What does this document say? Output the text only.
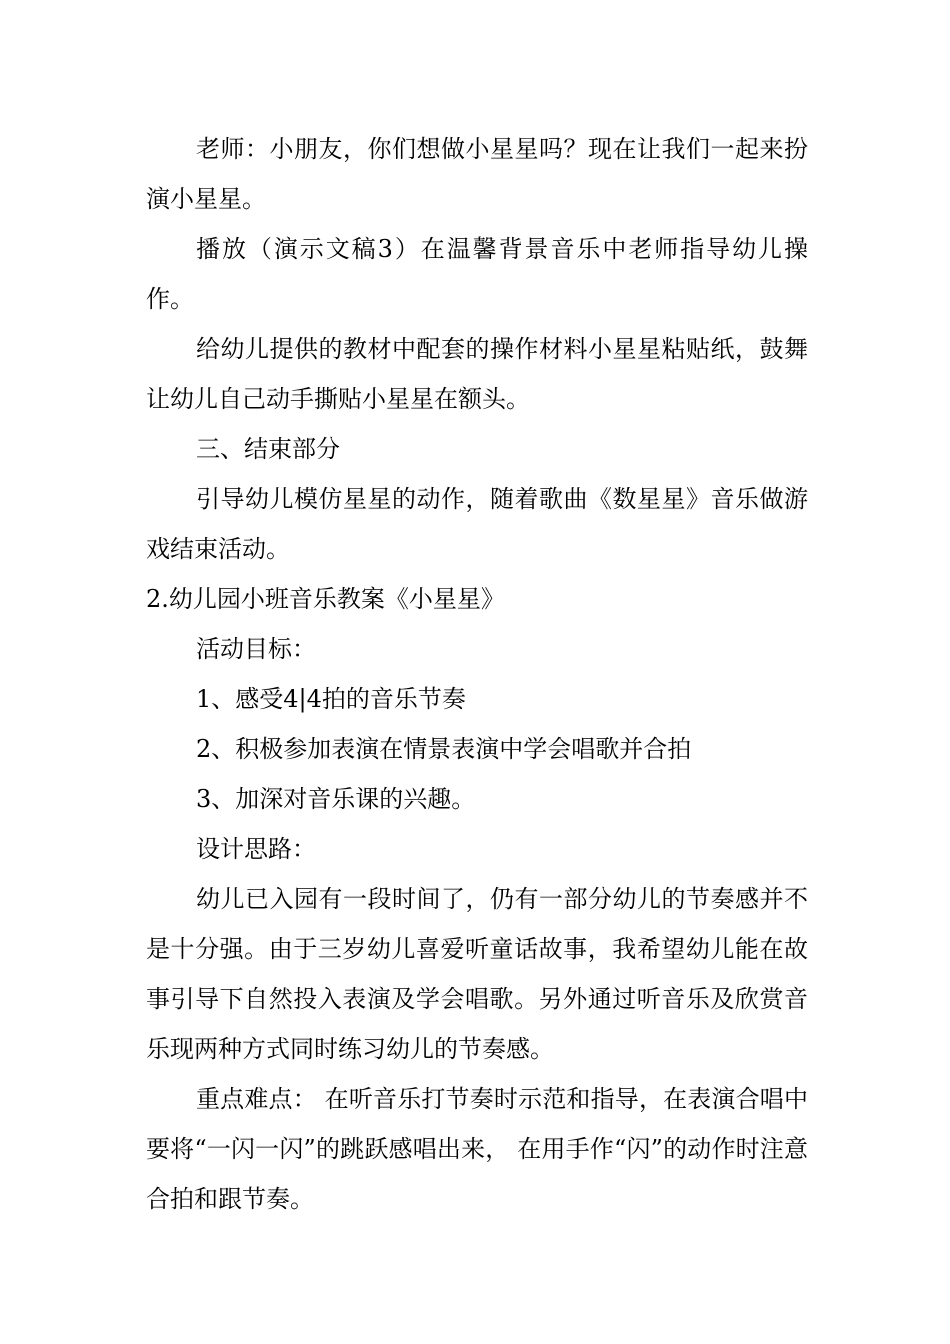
老师：小朋友，你们想做小星星吗？现在让我们一起来扮演小星星。

播放（演示文稿3）在温馨背景音乐中老师指导幼儿操作。

给幼儿提供的教材中配套的操作材料小星星粘贴纸，鼓舞让幼儿自己动手撕贴小星星在额头。

三、结束部分

引导幼儿模仿星星的动作，随着歌曲《数星星》音乐做游戏结束活动。

2.幼儿园小班音乐教案《小星星》

活动目标：

1、感受4|4拍的音乐节奏

2、积极参加表演在情景表演中学会唱歌并合拍

3、加深对音乐课的兴趣。

设计思路：

幼儿已入园有一段时间了，仍有一部分幼儿的节奏感并不是十分强。由于三岁幼儿喜爱听童话故事，我希望幼儿能在故事引导下自然投入表演及学会唱歌。另外通过听音乐及欣赏音乐现两种方式同时练习幼儿的节奏感。

重点难点： 在听音乐打节奏时示范和指导，在表演合唱中要将“一闪一闪”的跳跃感唱出来， 在用手作“闪”的动作时注意合拍和跟节奏。
